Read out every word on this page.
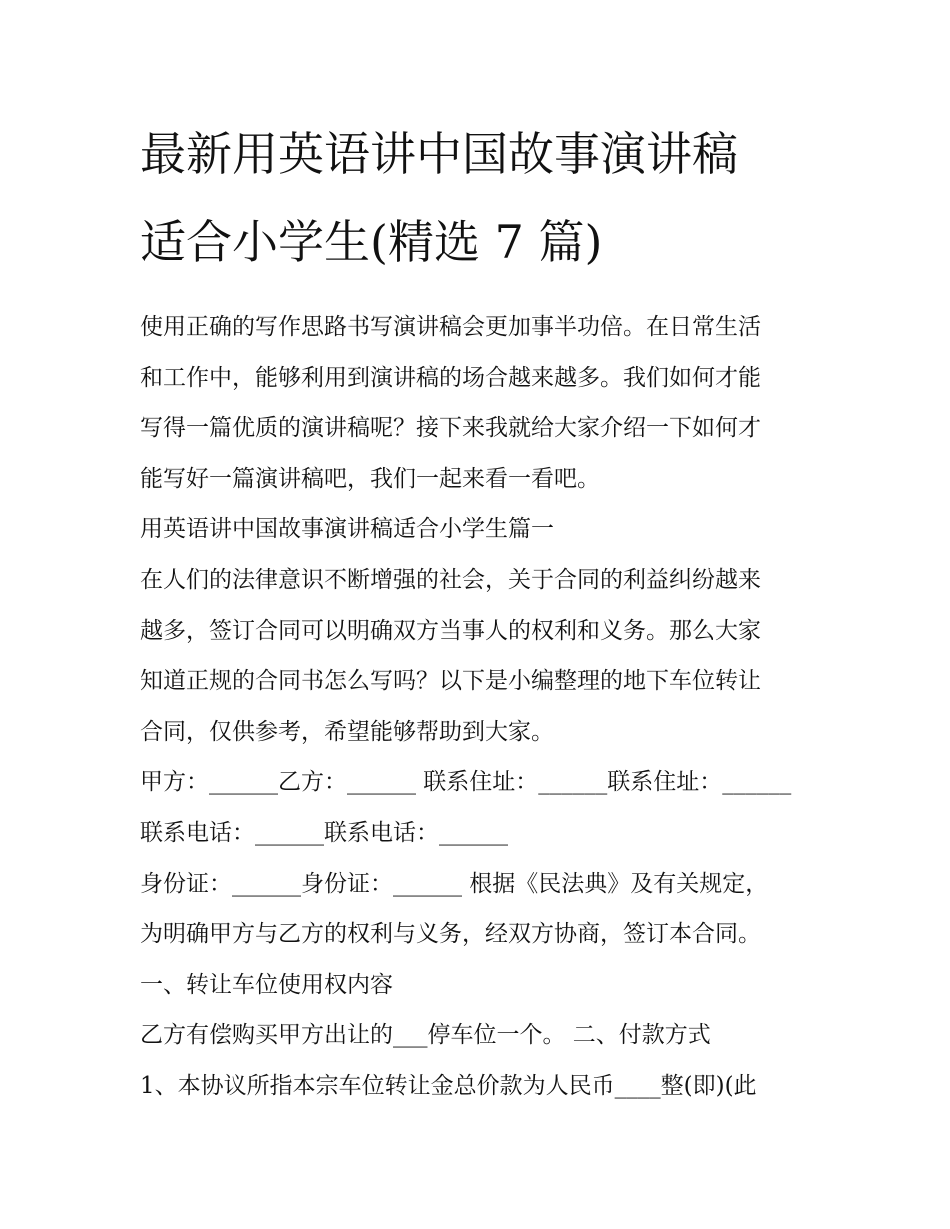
最新用英语讲中国故事演讲稿
适合小学生(精选 7 篇)
使用正确的写作思路书写演讲稿会更加事半功倍。在日常生活
和工作中，能够利用到演讲稿的场合越来越多。我们如何才能
写得一篇优质的演讲稿呢？接下来我就给大家介绍一下如何才
能写好一篇演讲稿吧，我们一起来看一看吧。
用英语讲中国故事演讲稿适合小学生篇一
在人们的法律意识不断增强的社会，关于合同的利益纠纷越来
越多，签订合同可以明确双方当事人的权利和义务。那么大家
知道正规的合同书怎么写吗？以下是小编整理的地下车位转让
合同，仅供参考，希望能够帮助到大家。
甲方：______乙方：______ 联系住址：______联系住址：______
联系电话：______联系电话：______
身份证：______身份证：______ 根据《民法典》及有关规定，
为明确甲方与乙方的权利与义务，经双方协商，签订本合同。
一、转让车位使用权内容
乙方有偿购买甲方出让的___停车位一个。 二、付款方式
1、本协议所指本宗车位转让金总价款为人民币____整(即)(此
